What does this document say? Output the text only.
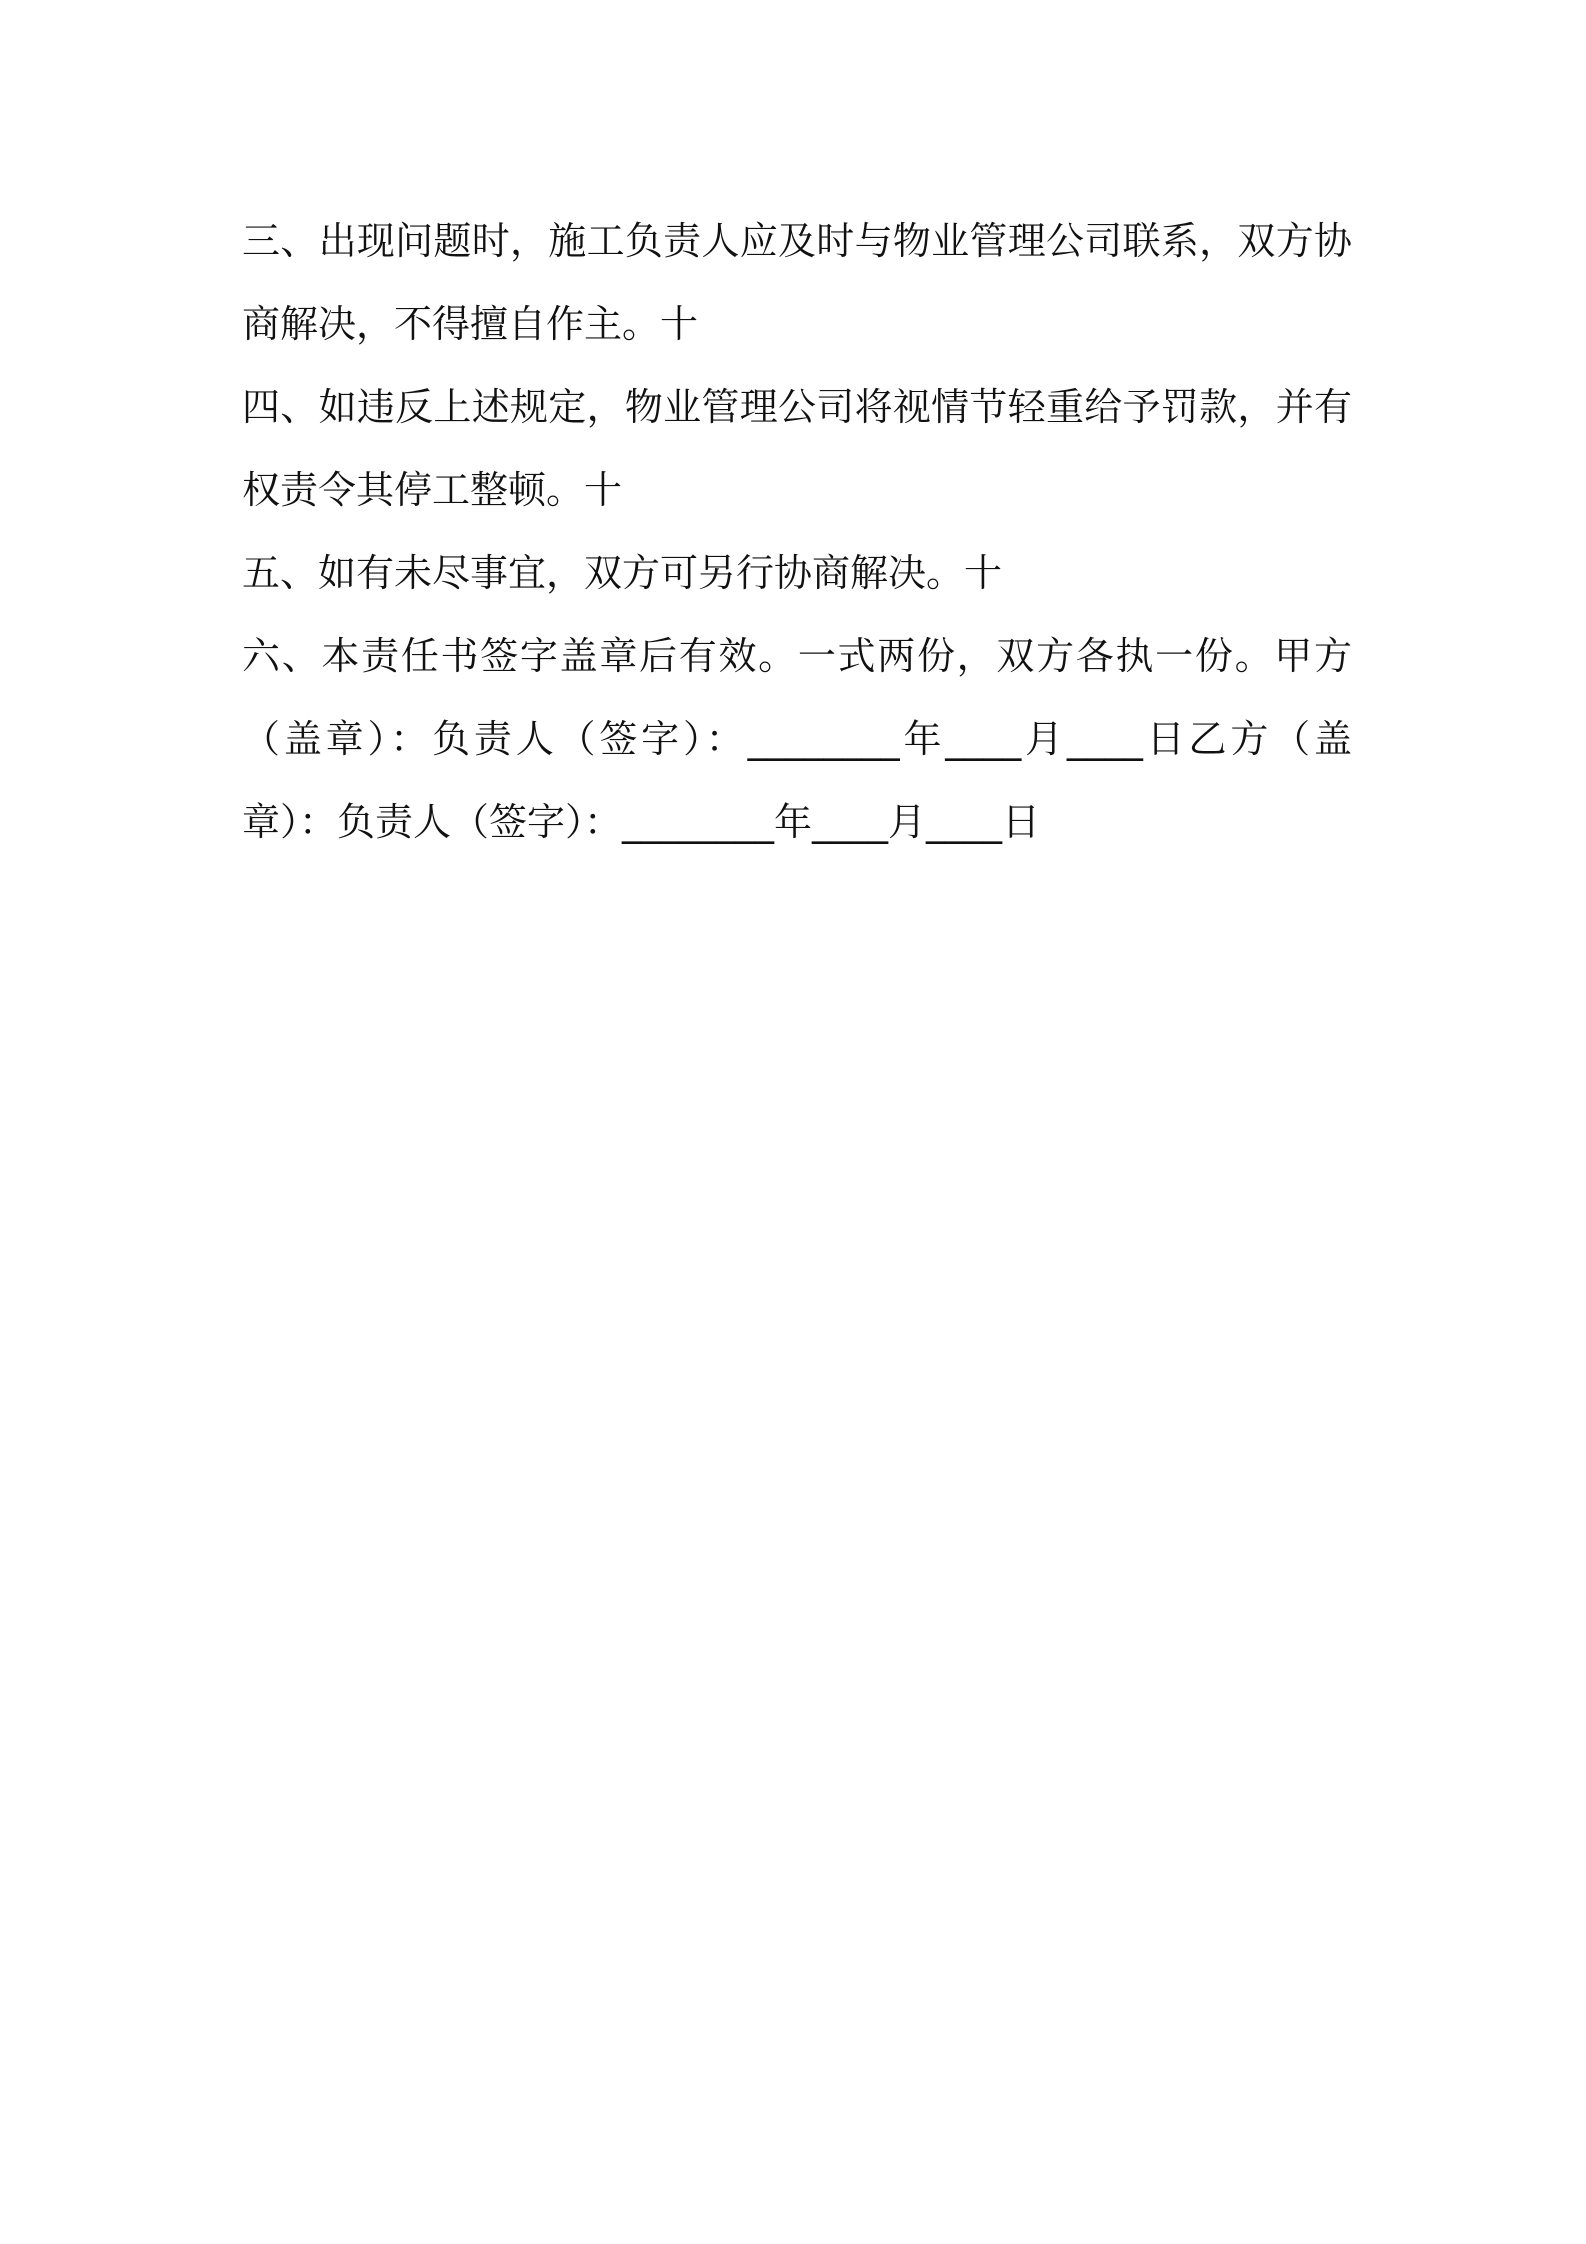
三、出现问题时，施工负责人应及时与物业管理公司联系，双方协商解决，不得擅自作主。十

四、如违反上述规定，物业管理公司将视情节轻重给予罚款，并有权责令其停工整顿。十

五、如有未尽事宜，双方可另行协商解决。十

六、本责任书签字盖章后有效。一式两份，双方各执一份。甲方（盖章）：负责人（签字）：________年____月____日乙方（盖章）：负责人（签字）：________年____月____日
